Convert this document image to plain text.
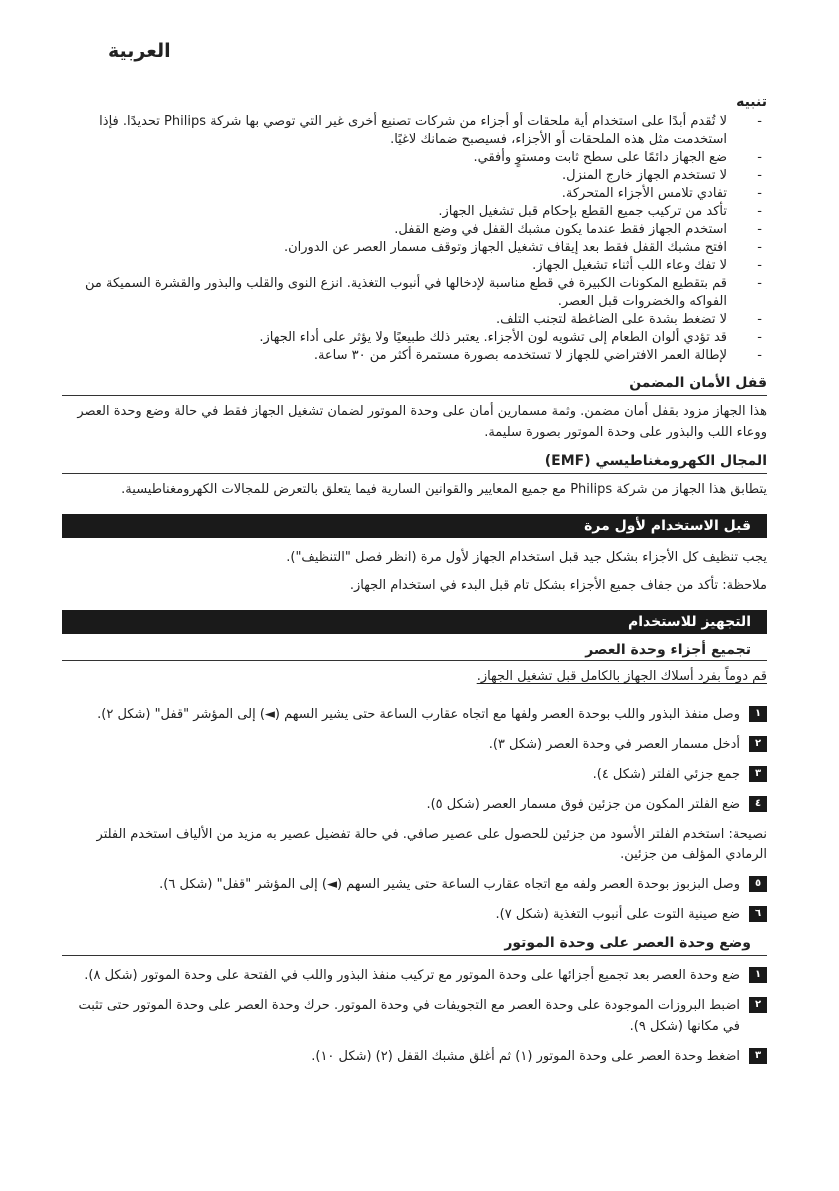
العربية
تنبيه
- لا تُقدم أبدًا على استخدام أية ملحقات أو أجزاء من شركات تصنيع أخرى غير التي توصي بها شركة Philips تحديدًا. فإذا استخدمت مثل هذه الملحقات أو الأجزاء، فسيصبح ضمانك لاغيًا.
- ضع الجهاز دائمًا على سطح ثابت ومستوٍ وأفقي.
- لا تستخدم الجهاز خارج المنزل.
- تفادي تلامس الأجزاء المتحركة.
- تأكد من تركيب جميع القطع بإحكام قبل تشغيل الجهاز.
- استخدم الجهاز فقط عندما يكون مشبك القفل في وضع القفل.
- افتح مشبك القفل فقط بعد إيقاف تشغيل الجهاز وتوقف مسمار العصر عن الدوران.
- لا تفك وعاء اللب أثناء تشغيل الجهاز.
- قم بتقطيع المكونات الكبيرة في قطع مناسبة لإدخالها في أنبوب التغذية. انزع النوى والقلب والبذور والقشرة السميكة من الفواكه والخضروات قبل العصر.
- لا تضغط بشدة على الضاغطة لتجنب التلف.
- قد تؤدي ألوان الطعام إلى تشويه لون الأجزاء. يعتبر ذلك طبيعيًا ولا يؤثر على أداء الجهاز.
- لإطالة العمر الافتراضي للجهاز لا تستخدمه بصورة مستمرة أكثر من ٣٠ ساعة.
قفل الأمان المضمن
هذا الجهاز مزود بقفل أمان مضمن. وثمة مسمارين أمان على وحدة الموتور لضمان تشغيل الجهاز فقط في حالة وضع وحدة العصر ووعاء اللب والبذور على وحدة الموتور بصورة سليمة.
المجال الكهرومغناطيسي (EMF)
يتطابق هذا الجهاز من شركة Philips مع جميع المعايير والقوانين السارية فيما يتعلق بالتعرض للمجالات الكهرومغناطيسية.
قبل الاستخدام لأول مرة
يجب تنظيف كل الأجزاء بشكل جيد قبل استخدام الجهاز لأول مرة (انظر فصل "التنظيف").
ملاحظة: تأكد من جفاف جميع الأجزاء بشكل تام قبل البدء في استخدام الجهاز.
التجهيز للاستخدام
تجميع أجزاء وحدة العصر
قم دوماً بفرد أسلاك الجهاز بالكامل قبل تشغيل الجهاز.
١
وصل منفذ البذور واللب بوحدة العصر ولفها مع اتجاه عقارب الساعة حتى يشير السهم (◄) إلى المؤشر "قفل" (شكل ٢).
٢
أدخل مسمار العصر في وحدة العصر (شكل ٣).
٣
جمع جزئي الفلتر (شكل ٤).
٤
ضع الفلتر المكون من جزئين فوق مسمار العصر (شكل ٥).
نصيحة: استخدم الفلتر الأسود من جزئين للحصول على عصير صافي. في حالة تفضيل عصير به مزيد من الألياف استخدم الفلتر الرمادي المؤلف من جزئين.
٥
وصل البزبوز بوحدة العصر ولفه مع اتجاه عقارب الساعة حتى يشير السهم (◄) إلى المؤشر "قفل" (شكل ٦).
٦
ضع صينية التوت على أنبوب التغذية (شكل ٧).
وضع وحدة العصر على وحدة الموتور
١
ضع وحدة العصر بعد تجميع أجزائها على وحدة الموتور مع تركيب منفذ البذور واللب في الفتحة على وحدة الموتور (شكل ٨).
٢
اضبط البروزات الموجودة على وحدة العصر مع التجويفات في وحدة الموتور. حرك وحدة العصر على وحدة الموتور حتى تثبت في مكانها (شكل ٩).
٣
اضغط وحدة العصر على وحدة الموتور (١) ثم أغلق مشبك القفل (٢) (شكل ١٠).
